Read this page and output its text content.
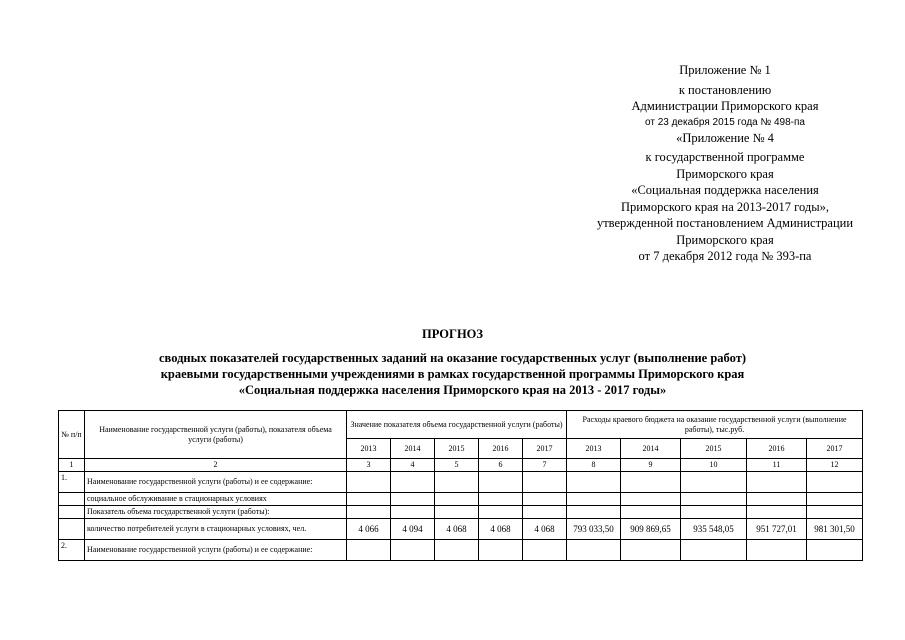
Приложение № 1
к постановлению
Администрации Приморского края
от 23 декабря 2015 года № 498-па
«Приложение № 4
к государственной программе
Приморского края
«Социальная поддержка населения
Приморского края на 2013-2017 годы»,
утвержденной постановлением Администрации
Приморского края
от 7 декабря 2012 года № 393-па
ПРОГНОЗ
сводных показателей государственных заданий на оказание государственных услуг (выполнение работ)
краевыми государственными учреждениями в рамках государственной программы Приморского края
«Социальная поддержка населения Приморского края на 2013 - 2017 годы»
№ п/п	Наименование государственной услуги (работы), показателя объема услуги (работы)	Значение показателя объема государственной услуги (работы)					Расходы краевого бюджета на оказание государственной услуги (выполнение работы), тыс.руб.				
		2013	2014	2015	2016	2017	2013	2014	2015	2016	2017
1	2	3	4	5	6	7	8	9	10	11	12
1.	Наименование государственной услуги (работы) и ее содержание:										
	социальное обслуживание в стационарных условиях										
	Показатель объема государственной услуги (работы):										
	количество потребителей услуги в стационарных условиях, чел.	4 066	4 094	4 068	4 068	4 068	793 033,50	909 869,65	935 548,05	951 727,01	981 301,50
2.	Наименование государственной услуги (работы) и ее содержание:										
